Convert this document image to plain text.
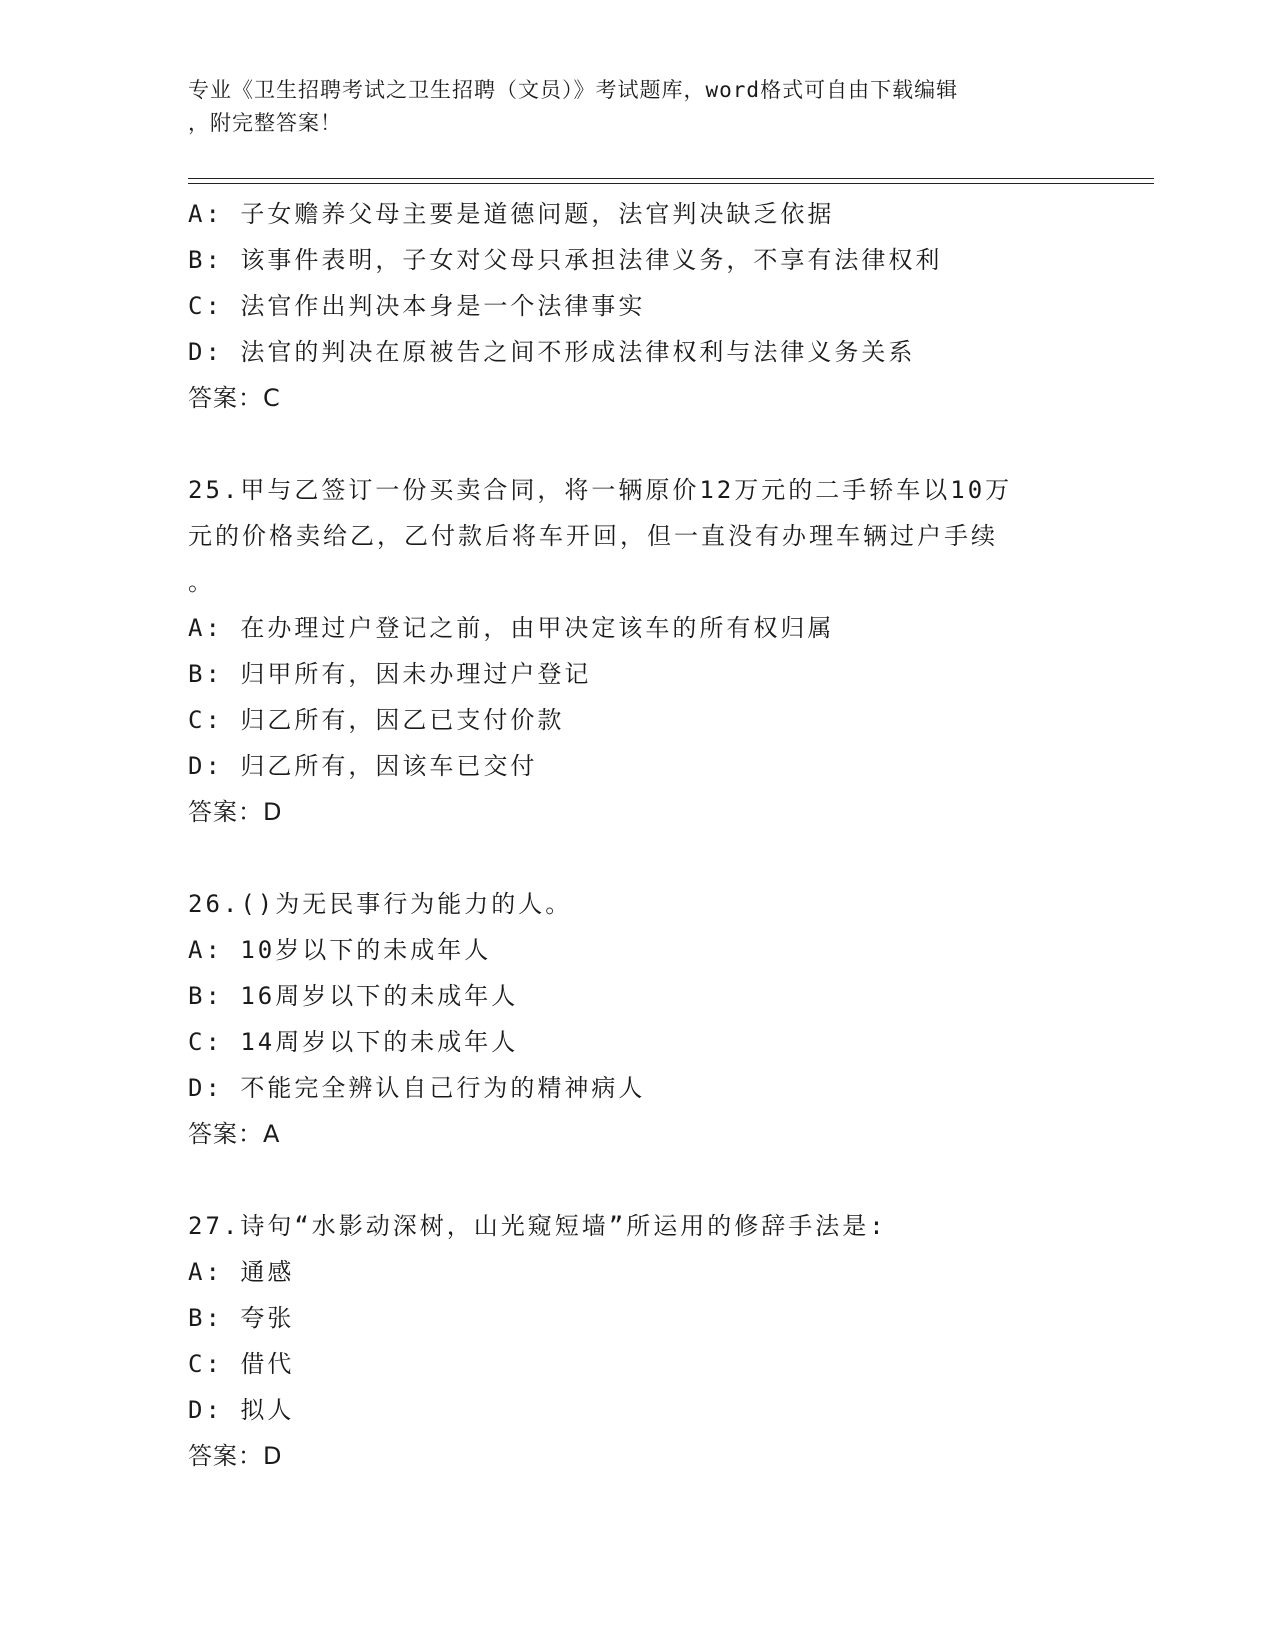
专业《卫生招聘考试之卫生招聘（文员）》考试题库，word格式可自由下载编辑
，附完整答案！
A: 子女赡养父母主要是道德问题，法官判决缺乏依据
B: 该事件表明，子女对父母只承担法律义务，不享有法律权利
C: 法官作出判决本身是一个法律事实
D: 法官的判决在原被告之间不形成法律权利与法律义务关系
答案：C
25.甲与乙签订一份买卖合同，将一辆原价12万元的二手轿车以10万
元的价格卖给乙，乙付款后将车开回，但一直没有办理车辆过户手续
。
A: 在办理过户登记之前，由甲决定该车的所有权归属
B: 归甲所有，因未办理过户登记
C: 归乙所有，因乙已支付价款
D: 归乙所有，因该车已交付
答案：D
26.()为无民事行为能力的人。
A: 10岁以下的未成年人
B: 16周岁以下的未成年人
C: 14周岁以下的未成年人
D: 不能完全辨认自己行为的精神病人
答案：A
27.诗句“水影动深树，山光窥短墙”所运用的修辞手法是:
A: 通感
B: 夸张
C: 借代
D: 拟人
答案：D
